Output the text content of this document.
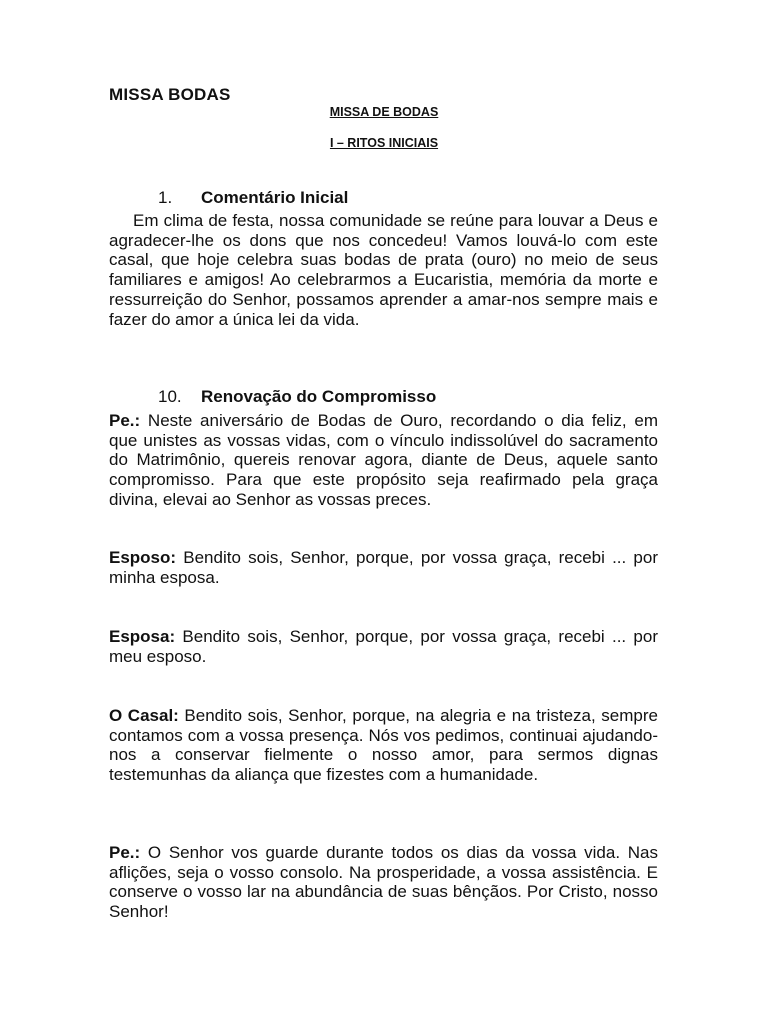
MISSA BODAS
MISSA DE BODAS
I – RITOS INICIAIS
1.	Comentário Inicial
Em clima de festa, nossa comunidade se reúne para louvar a Deus e agradecer-lhe os dons que nos concedeu! Vamos louvá-lo com este casal, que hoje celebra suas bodas de prata (ouro) no meio de seus familiares e amigos! Ao celebrarmos a Eucaristia, memória da morte e ressurreição do Senhor, possamos aprender a amar-nos sempre mais e fazer do amor a única lei da vida.
10.	Renovação do Compromisso
Pe.: Neste aniversário de Bodas de Ouro, recordando o dia feliz, em que unistes as vossas vidas, com o vínculo indissolúvel do sacramento do Matrimônio, quereis renovar agora, diante de Deus, aquele santo compromisso. Para que este propósito seja reafirmado pela graça divina, elevai ao Senhor as vossas preces.
Esposo: Bendito sois, Senhor, porque, por vossa graça, recebi ... por minha esposa.
Esposa: Bendito sois, Senhor, porque, por vossa graça, recebi ... por meu esposo.
O Casal: Bendito sois, Senhor, porque, na alegria e na tristeza, sempre contamos com a vossa presença. Nós vos pedimos, continuai ajudando-nos a conservar fielmente o nosso amor, para sermos dignas testemunhas da aliança que fizestes com a humanidade.
Pe.: O Senhor vos guarde durante todos os dias da vossa vida. Nas aflições, seja o vosso consolo. Na prosperidade, a vossa assistência. E conserve o vosso lar na abundância de suas bênçãos. Por Cristo, nosso Senhor!
